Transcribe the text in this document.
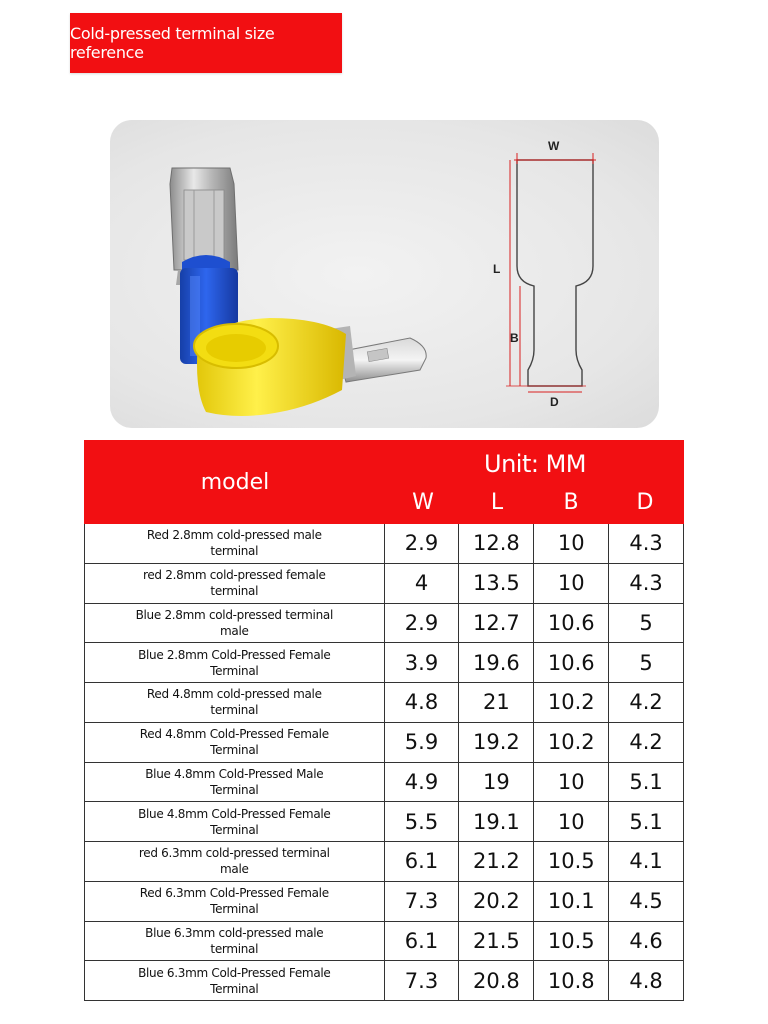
Cold-pressed terminal size reference
W
L
B
D
model
Unit: MM
W	L	B	D
Red 2.8mm cold-pressed male terminal	2.9	12.8	10	4.3
red 2.8mm cold-pressed female terminal	4	13.5	10	4.3
Blue 2.8mm cold-pressed terminal male	2.9	12.7	10.6	5
Blue 2.8mm Cold-Pressed Female Terminal	3.9	19.6	10.6	5
Red 4.8mm cold-pressed male terminal	4.8	21	10.2	4.2
Red 4.8mm Cold-Pressed Female Terminal	5.9	19.2	10.2	4.2
Blue 4.8mm Cold-Pressed Male Terminal	4.9	19	10	5.1
Blue 4.8mm Cold-Pressed Female Terminal	5.5	19.1	10	5.1
red 6.3mm cold-pressed terminal male	6.1	21.2	10.5	4.1
Red 6.3mm Cold-Pressed Female Terminal	7.3	20.2	10.1	4.5
Blue 6.3mm cold-pressed male terminal	6.1	21.5	10.5	4.6
Blue 6.3mm Cold-Pressed Female Terminal	7.3	20.8	10.8	4.8
